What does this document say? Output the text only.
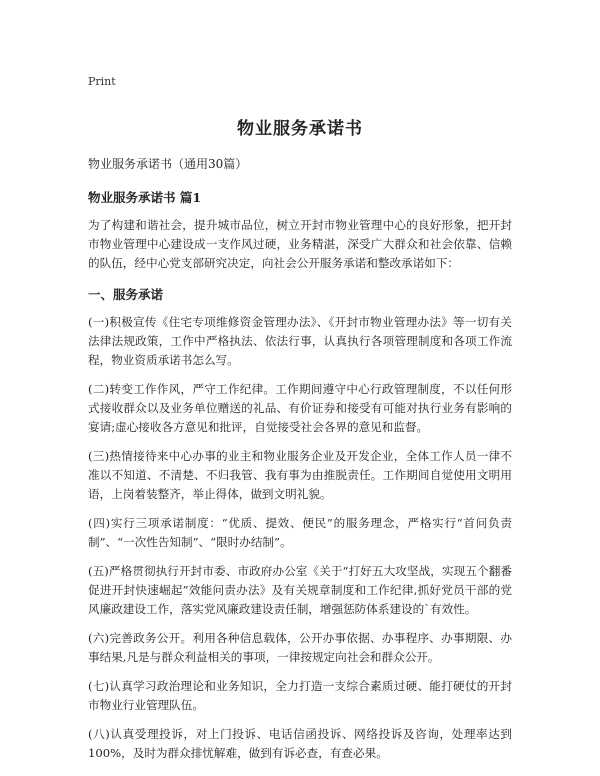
Print
物业服务承诺书
物业服务承诺书（通用30篇）
物业服务承诺书 篇1

为了构建和谐社会，提升城市品位，树立开封市物业管理中心的良好形象，把开封市物业管理中心建设成一支作风过硬，业务精湛，深受广大群众和社会依靠、信赖的队伍，经中心党支部研究决定，向社会公开服务承诺和整改承诺如下：

一、服务承诺

(一)积极宣传《住宅专项维修资金管理办法》、《开封市物业管理办法》等一切有关法律法规政策，工作中严格执法、依法行事，认真执行各项管理制度和各项工作流程，物业资质承诺书怎么写。

(二)转变工作作风，严守工作纪律。工作期间遵守中心行政管理制度，不以任何形式接收群众以及业务单位赠送的礼品、有价证券和接受有可能对执行业务有影响的宴请;虚心接收各方意见和批评，自觉接受社会各界的意见和监督。

(三)热情接待来中心办事的业主和物业服务企业及开发企业，全体工作人员一律不准以不知道、不清楚、不归我管、我有事为由推脱责任。工作期间自觉使用文明用语，上岗着装整齐，举止得体，做到文明礼貌。

(四)实行三项承诺制度：“优质、提效、便民”的服务理念，严格实行“首问负责制”、“一次性告知制”、“限时办结制”。

(五)严格贯彻执行开封市委、市政府办公室《关于“打好五大攻坚战，实现五个翻番促进开封快速崛起”效能问责办法》及有关规章制度和工作纪律,抓好党员干部的党风廉政建设工作，落实党风廉政建设责任制，增强惩防体系建设的`有效性。

(六)完善政务公开。利用各种信息载体，公开办事依据、办事程序、办事期限、办事结果,凡是与群众利益相关的事项，一律按规定向社会和群众公开。

(七)认真学习政治理论和业务知识，全力打造一支综合素质过硬、能打硬仗的开封市物业行业管理队伍。

(八)认真受理投诉，对上门投诉、电话信函投诉、网络投诉及咨询，处理率达到100%，及时为群众排忧解难，做到有诉必查，有查必果。
